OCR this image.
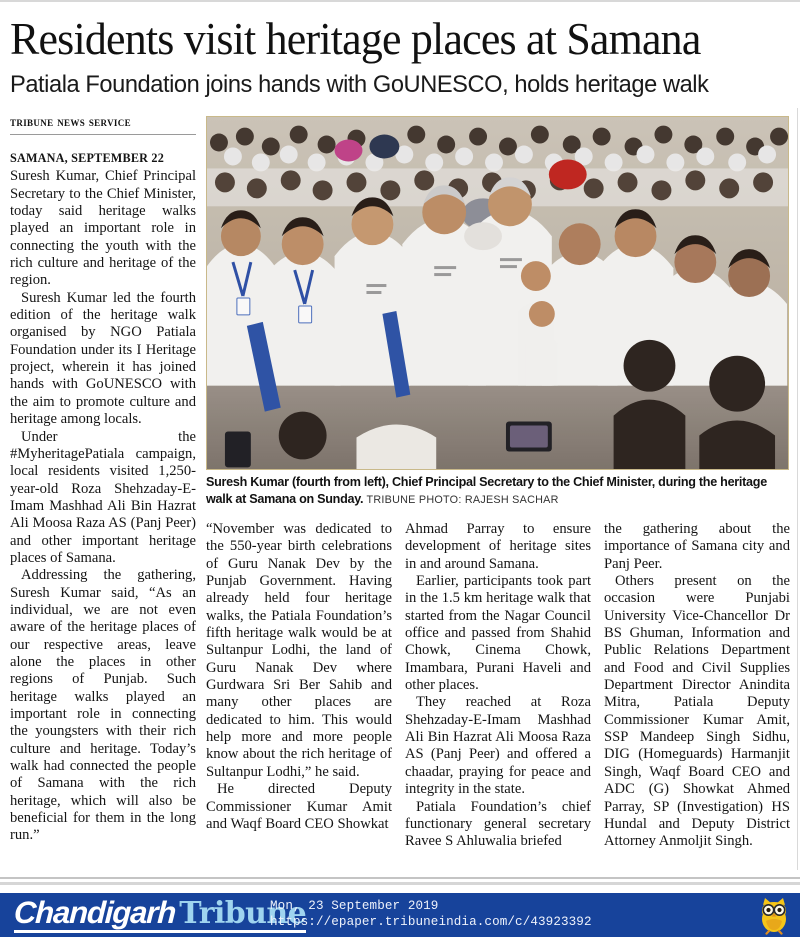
Residents visit heritage places at Samana
Patiala Foundation joins hands with GoUNESCO, holds heritage walk
tribune news service

SAMANA, SEPTEMBER 22
Suresh Kumar, Chief Principal Secretary to the Chief Minister, today said heritage walks played an important role in connecting the youth with the rich culture and heritage of the region.

Suresh Kumar led the fourth edition of the heritage walk organised by NGO Patiala Foundation under its I Heritage project, wherein it has joined hands with GoUNESCO with the aim to promote culture and heritage among locals.

Under the #MyheritagePatiala campaign, local residents visited 1,250-year-old Roza Shehzaday-E-Imam Mashhad Ali Bin Hazrat Ali Moosa Raza AS (Panj Peer) and other important heritage places of Samana.

Addressing the gathering, Suresh Kumar said, “As an individual, we are not even aware of the heritage places of our respective areas, leave alone the places in other regions of Punjab. Such heritage walks played an important role in connecting the youngsters with their rich culture and heritage. Today’s walk had connected the people of Samana with the rich heritage, which will also be beneficial for them in the long run.”

Suresh Kumar (fourth from left), Chief Principal Secretary to the Chief Minister, during the heritage walk at Samana on Sunday. TRIBUNE PHOTO: RAJESH SACHAR

“November was dedicated to the 550-year birth celebrations of Guru Nanak Dev by the Punjab Government. Having already held four heritage walks, the Patiala Foundation’s fifth heritage walk would be at Sultanpur Lodhi, the land of Guru Nanak Dev where Gurdwara Sri Ber Sahib and many other places are dedicated to him. This would help more and more people know about the rich heritage of Sultanpur Lodhi,” he said.

He directed Deputy Commissioner Kumar Amit and Waqf Board CEO Showkat

Ahmad Parray to ensure development of heritage sites in and around Samana.

Earlier, participants took part in the 1.5 km heritage walk that started from the Nagar Council office and passed from Shahid Chowk, Cinema Chowk, Imambara, Purani Haveli and other places.

They reached at Roza Shehzaday-E-Imam Mashhad Ali Bin Hazrat Ali Moosa Raza AS (Panj Peer) and offered a chaadar, praying for peace and integrity in the state.

Patiala Foundation’s chief functionary general secretary Ravee S Ahluwalia briefed

the gathering about the importance of Samana city and Panj Peer.

Others present on the occasion were Punjabi University Vice-Chancellor Dr BS Ghuman, Information and Public Relations Department and Food and Civil Supplies Department Director Anindita Mitra, Patiala Deputy Commissioner Kumar Amit, SSP Mandeep Singh Sidhu, DIG (Homeguards) Harmanjit Singh, Waqf Board CEO and ADC (G) Showkat Ahmed Parray, SP (Investigation) HS Hundal and Deputy District Attorney Anmoljit Singh.

Chandigarh Tribune
Mon, 23 September 2019
https://epaper.tribuneindia.com/c/43923392
